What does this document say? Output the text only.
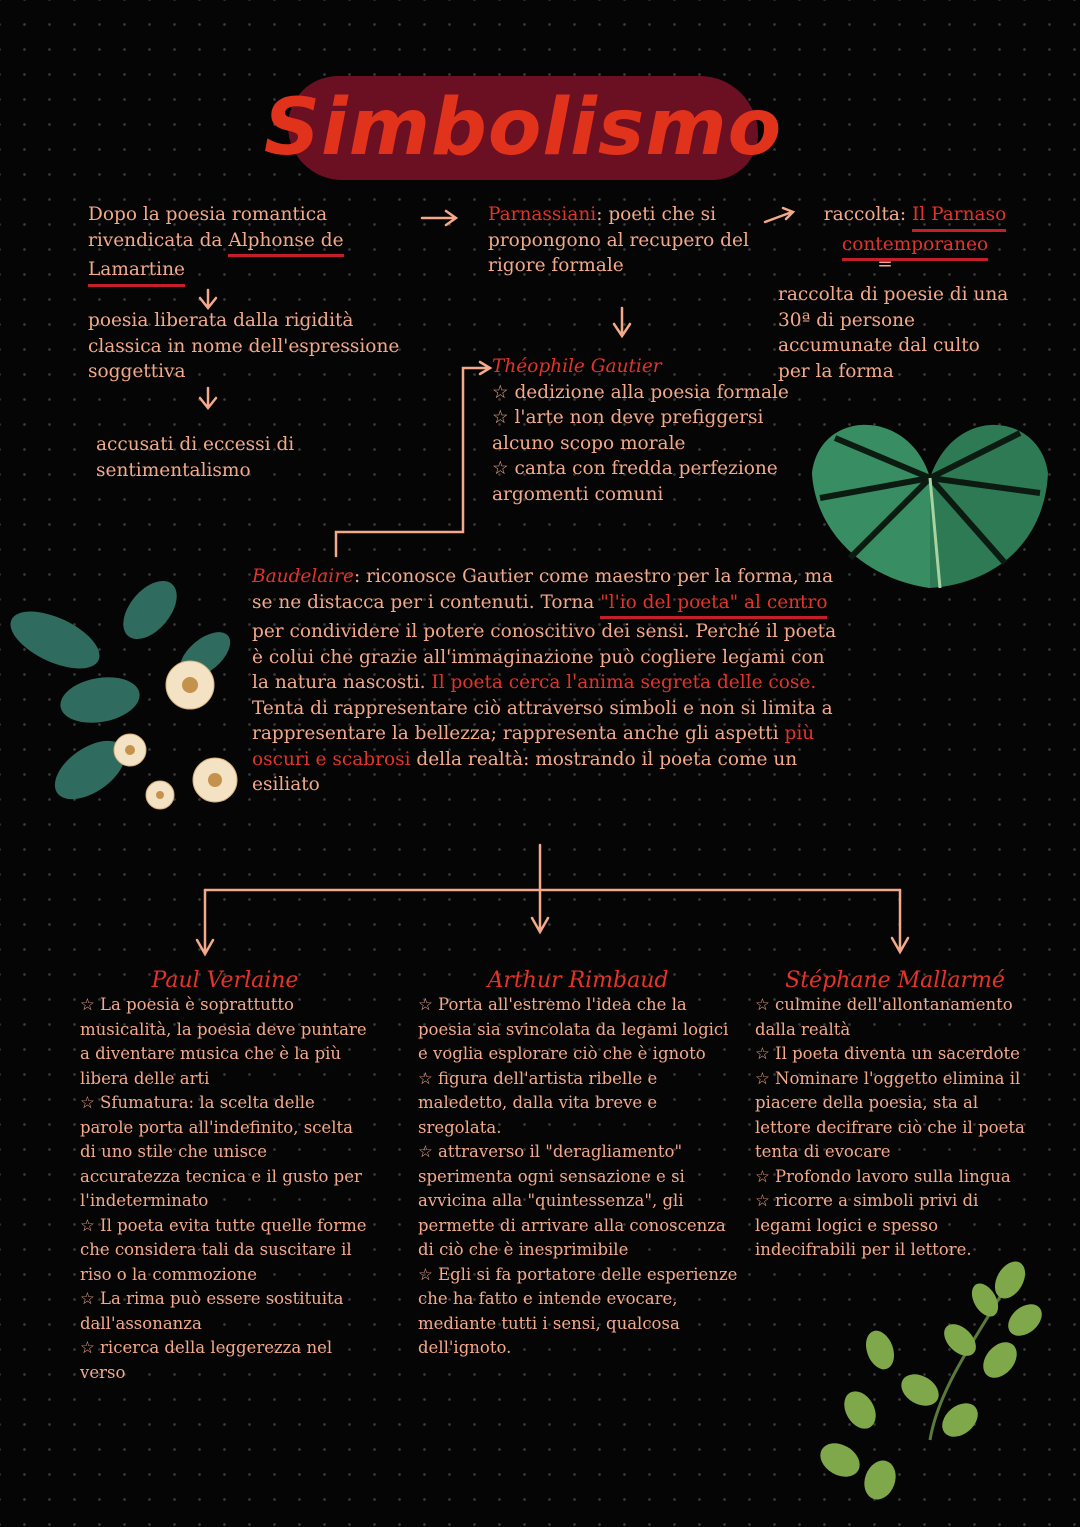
Simbolismo
Dopo la poesia romantica rivendicata da Alphonse de Lamartine
poesia liberata dalla rigidità classica in nome dell'espressione soggettiva
accusati di eccessi di sentimentalismo
Parnassiani: poeti che si propongono al recupero del rigore formale
raccolta: Il Parnaso
contemporaneo
=
raccolta di poesie di una 30ª di persone accumunate dal culto per la forma
Théophile Gautier
☆ dedizione alla poesia formale
☆ l'arte non deve prefiggersi alcuno scopo morale
☆ canta con fredda perfezione argomenti comuni
Baudelaire: riconosce Gautier come maestro per la forma, ma se ne distacca per i contenuti. Torna "l'io del poeta" al centro per condividere il potere conoscitivo dei sensi. Perché il poeta è colui che grazie all'immaginazione può cogliere legami con la natura nascosti. Il poeta cerca l'anima segreta delle cose. Tenta di rappresentare ciò attraverso simboli e non si limita a rappresentare la bellezza; rappresenta anche gli aspetti più oscuri e scabrosi della realtà: mostrando il poeta come un esiliato
Paul Verlaine
☆ La poesia è soprattutto musicalità, la poesia deve puntare a diventare musica che è la più libera delle arti
☆ Sfumatura: la scelta delle parole porta all'indefinito, scelta di uno stile che unisce accuratezza tecnica e il gusto per l'indeterminato
☆ Il poeta evita tutte quelle forme che considera tali da suscitare il riso o la commozione
☆ La rima può essere sostituita dall'assonanza
☆ ricerca della leggerezza nel verso
Arthur Rimbaud
☆ Porta all'estremo l'idea che la poesia sia svincolata da legami logici e voglia esplorare ciò che è ignoto
☆ figura dell'artista ribelle e maledetto, dalla vita breve e sregolata.
☆ attraverso il "deragliamento" sperimenta ogni sensazione e si avvicina alla "quintessenza", gli permette di arrivare alla conoscenza di ciò che è inesprimibile
☆ Egli si fa portatore delle esperienze che ha fatto e intende evocare, mediante tutti i sensi, qualcosa dell'ignoto.
Stéphane Mallarmé
☆ culmine dell'allontanamento dalla realtà
☆ Il poeta diventa un sacerdote
☆ Nominare l'oggetto elimina il piacere della poesia, sta al lettore decifrare ciò che il poeta tenta di evocare
☆ Profondo lavoro sulla lingua
☆ ricorre a simboli privi di legami logici e spesso indecifrabili per il lettore.
